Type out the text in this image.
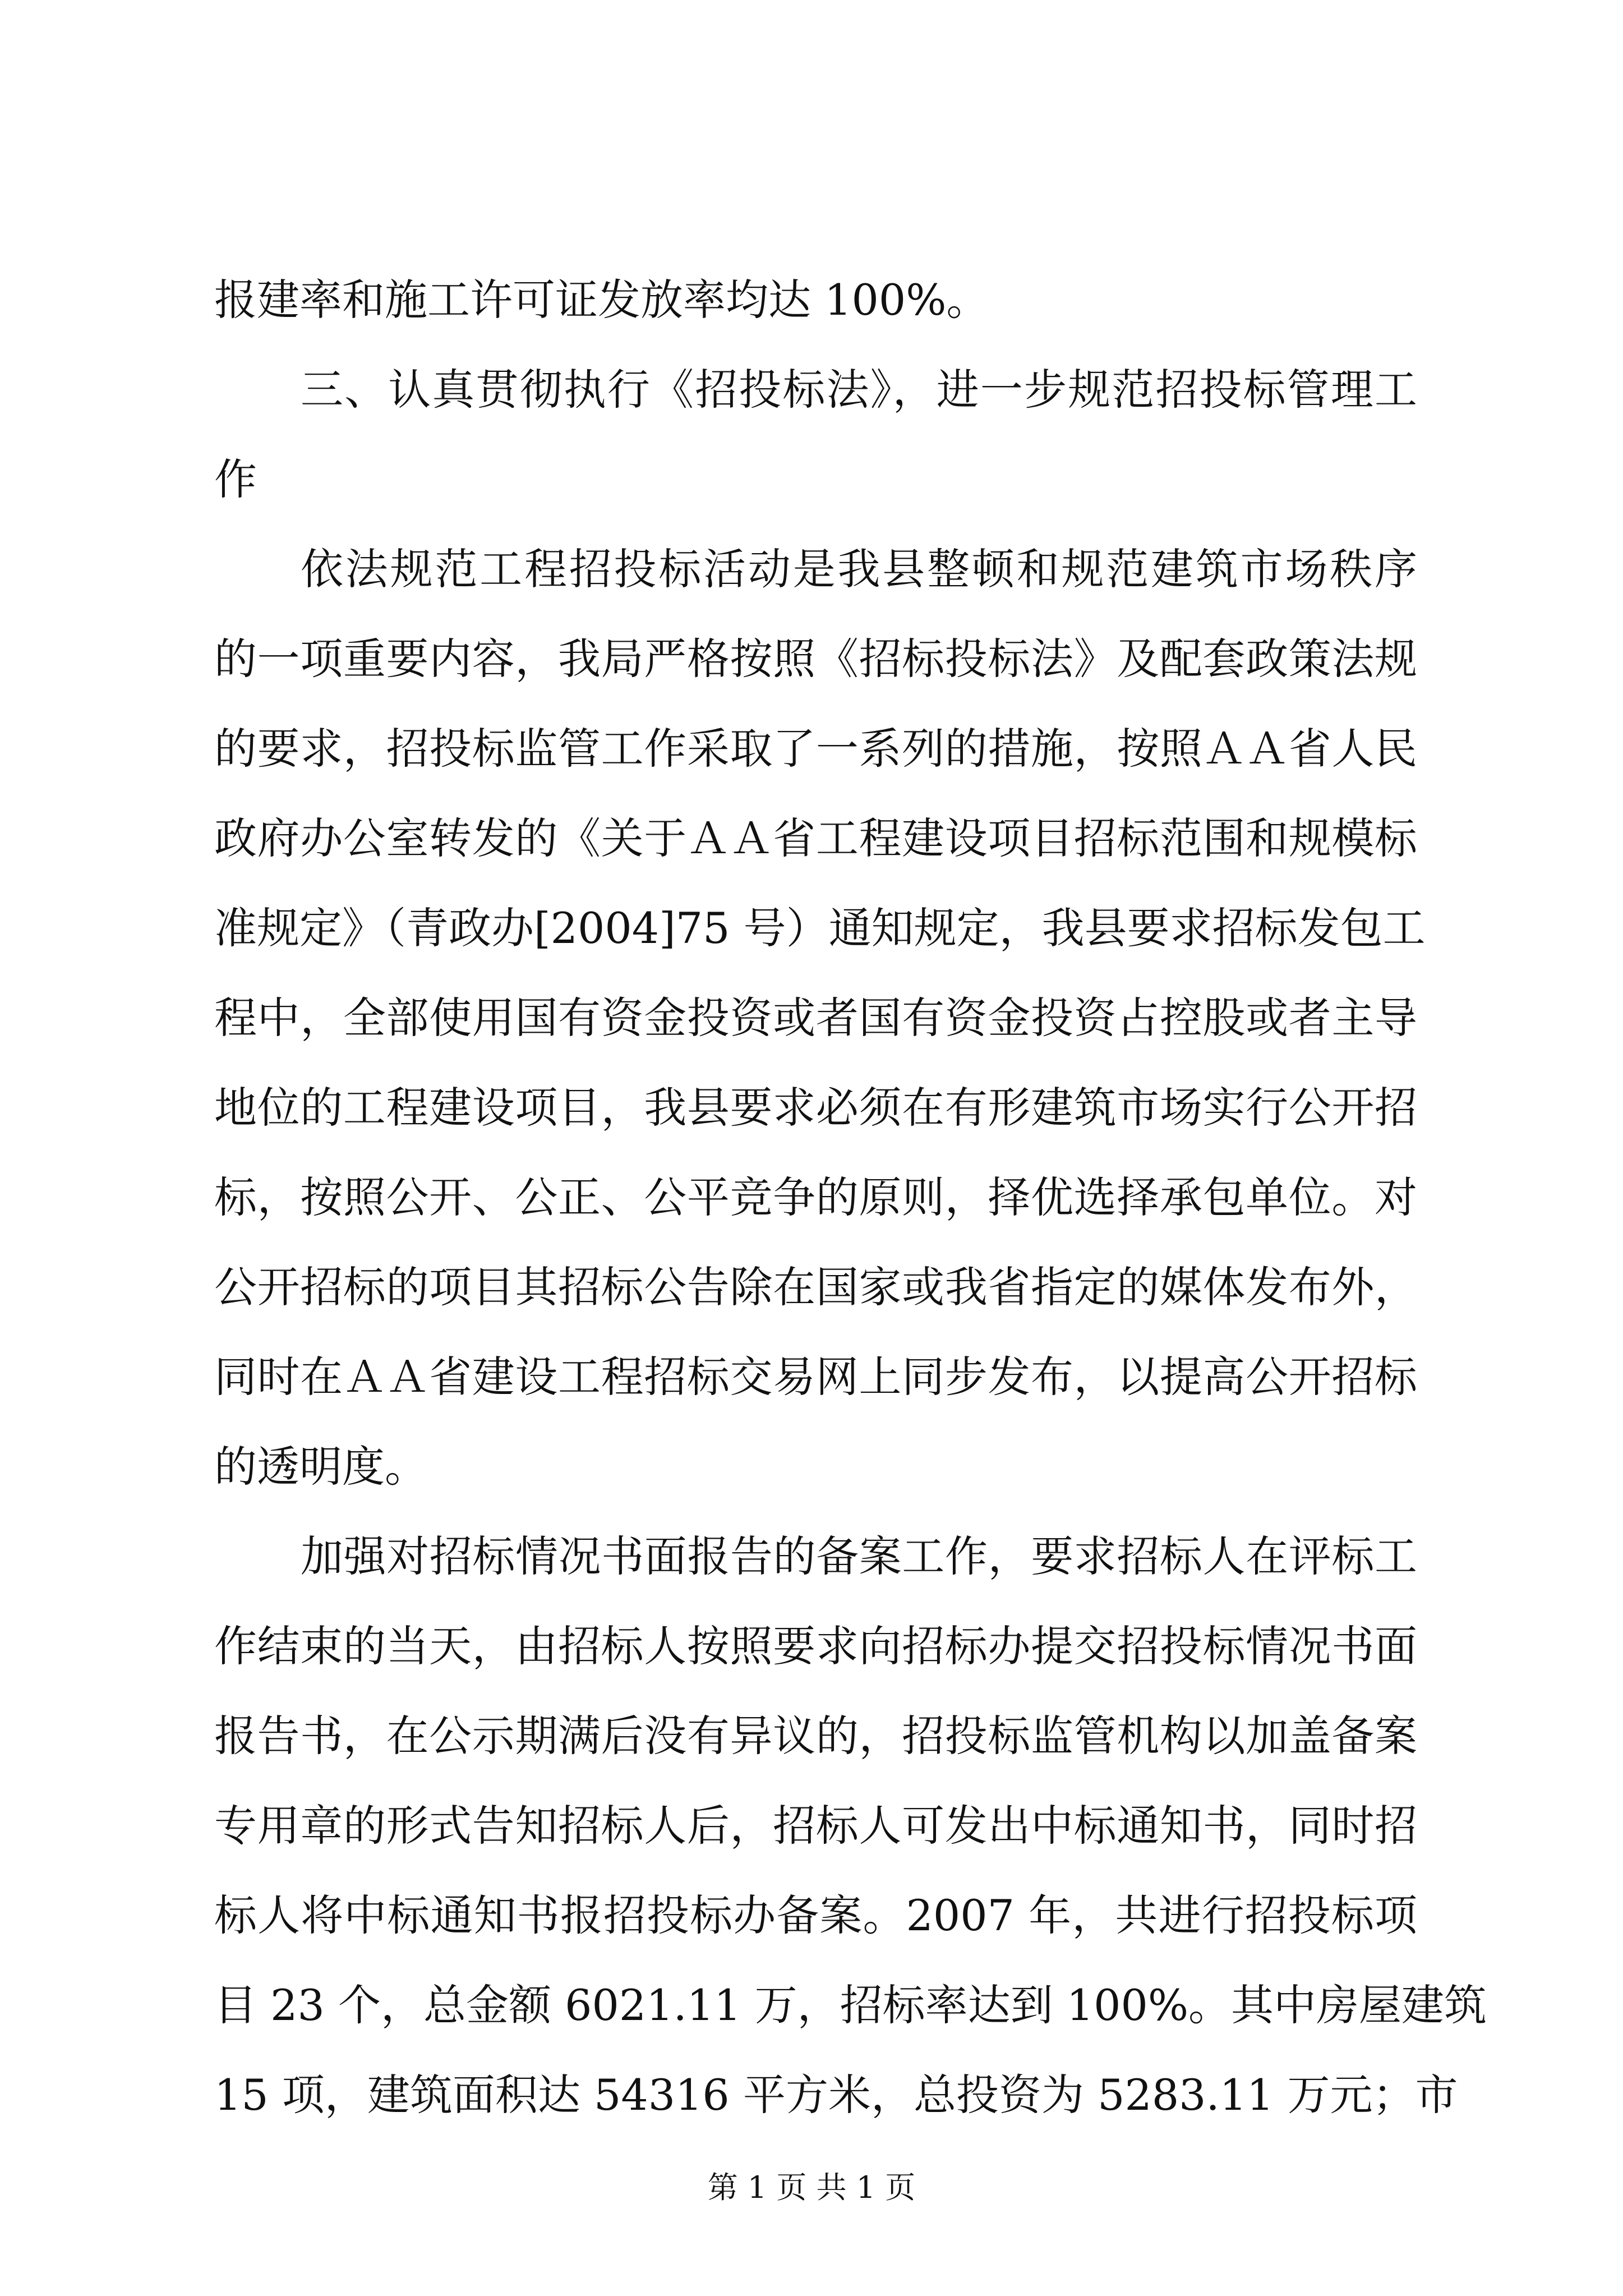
报建率和施工许可证发放率均达 100%。
三、认真贯彻执行《招投标法》，进一步规范招投标管理工
作
依法规范工程招投标活动是我县整顿和规范建筑市场秩序
的一项重要内容，我局严格按照《招标投标法》及配套政策法规
的要求，招投标监管工作采取了一系列的措施，按照ＡＡ省人民
政府办公室转发的《关于ＡＡ省工程建设项目招标范围和规模标
准规定》（青政办[2004]75 号）通知规定，我县要求招标发包工
程中，全部使用国有资金投资或者国有资金投资占控股或者主导
地位的工程建设项目，我县要求必须在有形建筑市场实行公开招
标，按照公开、公正、公平竞争的原则，择优选择承包单位。对
公开招标的项目其招标公告除在国家或我省指定的媒体发布外，
同时在ＡＡ省建设工程招标交易网上同步发布，以提高公开招标
的透明度。
加强对招标情况书面报告的备案工作，要求招标人在评标工
作结束的当天，由招标人按照要求向招标办提交招投标情况书面
报告书，在公示期满后没有异议的，招投标监管机构以加盖备案
专用章的形式告知招标人后，招标人可发出中标通知书，同时招
标人将中标通知书报招投标办备案。2007 年，共进行招投标项
目 23 个，总金额 6021.11 万，招标率达到 100%。其中房屋建筑
15 项，建筑面积达 54316 平方米，总投资为 5283.11 万元；市
第 1 页 共 1 页
